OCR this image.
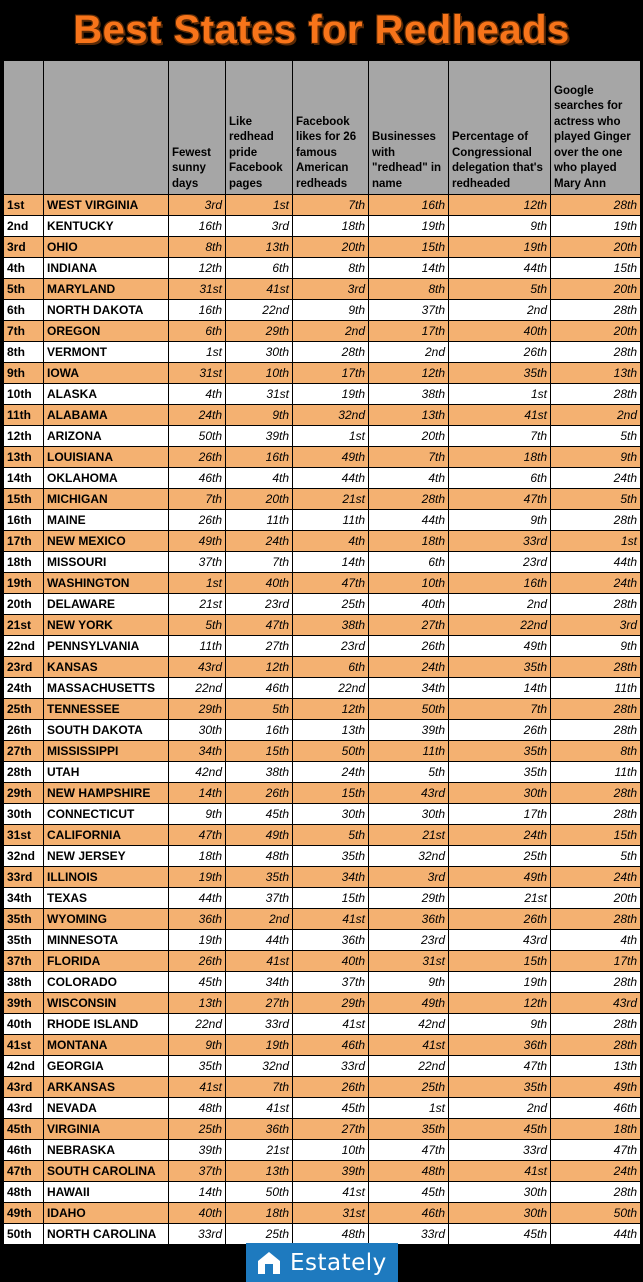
Best States for Redheads
		Fewest sunny days	Like redhead pride Facebook pages	Facebook likes for 26 famous American redheads	Businesses with "redhead" in name	Percentage of Congressional delegation that's redheaded	Google searches for actress who played Ginger over the one who played Mary Ann
1st	WEST VIRGINIA	3rd	1st	7th	16th	12th	28th
2nd	KENTUCKY	16th	3rd	18th	19th	9th	19th
3rd	OHIO	8th	13th	20th	15th	19th	20th
4th	INDIANA	12th	6th	8th	14th	44th	15th
5th	MARYLAND	31st	41st	3rd	8th	5th	20th
6th	NORTH DAKOTA	16th	22nd	9th	37th	2nd	28th
7th	OREGON	6th	29th	2nd	17th	40th	20th
8th	VERMONT	1st	30th	28th	2nd	26th	28th
9th	IOWA	31st	10th	17th	12th	35th	13th
10th	ALASKA	4th	31st	19th	38th	1st	28th
11th	ALABAMA	24th	9th	32nd	13th	41st	2nd
12th	ARIZONA	50th	39th	1st	20th	7th	5th
13th	LOUISIANA	26th	16th	49th	7th	18th	9th
14th	OKLAHOMA	46th	4th	44th	4th	6th	24th
15th	MICHIGAN	7th	20th	21st	28th	47th	5th
16th	MAINE	26th	11th	11th	44th	9th	28th
17th	NEW MEXICO	49th	24th	4th	18th	33rd	1st
18th	MISSOURI	37th	7th	14th	6th	23rd	44th
19th	WASHINGTON	1st	40th	47th	10th	16th	24th
20th	DELAWARE	21st	23rd	25th	40th	2nd	28th
21st	NEW YORK	5th	47th	38th	27th	22nd	3rd
22nd	PENNSYLVANIA	11th	27th	23rd	26th	49th	9th
23rd	KANSAS	43rd	12th	6th	24th	35th	28th
24th	MASSACHUSETTS	22nd	46th	22nd	34th	14th	11th
25th	TENNESSEE	29th	5th	12th	50th	7th	28th
26th	SOUTH DAKOTA	30th	16th	13th	39th	26th	28th
27th	MISSISSIPPI	34th	15th	50th	11th	35th	8th
28th	UTAH	42nd	38th	24th	5th	35th	11th
29th	NEW HAMPSHIRE	14th	26th	15th	43rd	30th	28th
30th	CONNECTICUT	9th	45th	30th	30th	17th	28th
31st	CALIFORNIA	47th	49th	5th	21st	24th	15th
32nd	NEW JERSEY	18th	48th	35th	32nd	25th	5th
33rd	ILLINOIS	19th	35th	34th	3rd	49th	24th
34th	TEXAS	44th	37th	15th	29th	21st	20th
35th	WYOMING	36th	2nd	41st	36th	26th	28th
35th	MINNESOTA	19th	44th	36th	23rd	43rd	4th
37th	FLORIDA	26th	41st	40th	31st	15th	17th
38th	COLORADO	45th	34th	37th	9th	19th	28th
39th	WISCONSIN	13th	27th	29th	49th	12th	43rd
40th	RHODE ISLAND	22nd	33rd	41st	42nd	9th	28th
41st	MONTANA	9th	19th	46th	41st	36th	28th
42nd	GEORGIA	35th	32nd	33rd	22nd	47th	13th
43rd	ARKANSAS	41st	7th	26th	25th	35th	49th
43rd	NEVADA	48th	41st	45th	1st	2nd	46th
45th	VIRGINIA	25th	36th	27th	35th	45th	18th
46th	NEBRASKA	39th	21st	10th	47th	33rd	47th
47th	SOUTH CAROLINA	37th	13th	39th	48th	41st	24th
48th	HAWAII	14th	50th	41st	45th	30th	28th
49th	IDAHO	40th	18th	31st	46th	30th	50th
50th	NORTH CAROLINA	33rd	25th	48th	33rd	45th	44th
Estately
